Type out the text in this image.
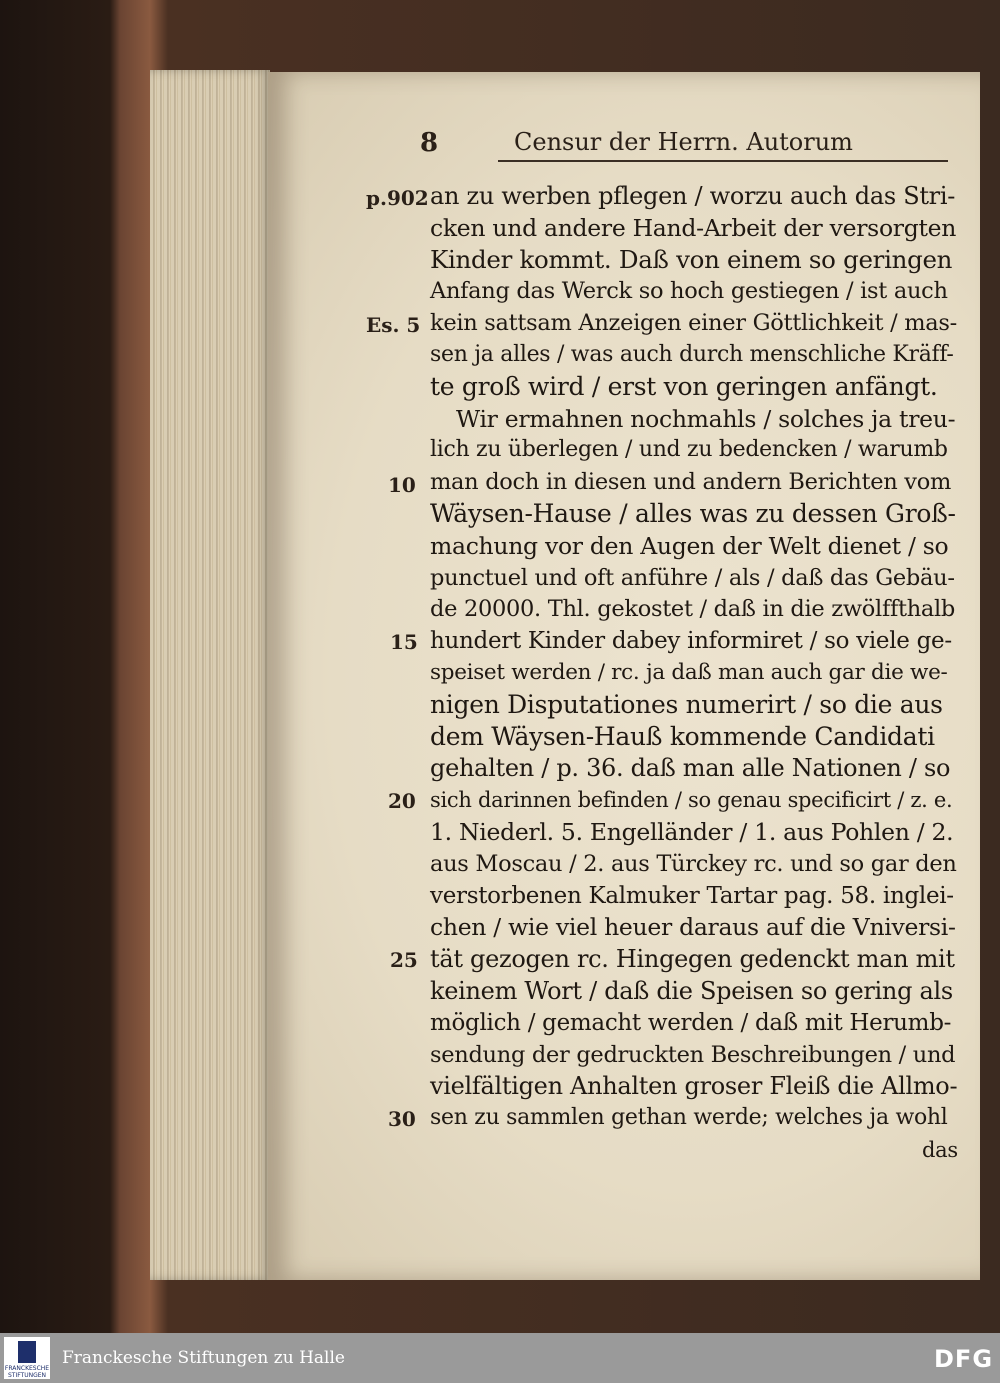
8	Censur der Herrn. Autorum
p.902
Es. 5
10
15
20
25
30
an zu werben pflegen / worzu auch das Stri-
cken und andere Hand-Arbeit der versorgten
Kinder kommt. Daß von einem so geringen
Anfang das Werck so hoch gestiegen / ist auch
kein sattsam Anzeigen einer Göttlichkeit / mas-
sen ja alles / was auch durch menschliche Kräff-
te groß wird / erst von geringen anfängt.
Wir ermahnen nochmahls / solches ja treu-
lich zu überlegen / und zu bedencken / warumb
man doch in diesen und andern Berichten vom
Wäysen-Hause / alles was zu dessen Groß-
machung vor den Augen der Welt dienet / so
punctuel und oft anführe / als / daß das Gebäu-
de 20000. Thl. gekostet / daß in die zwölffthalb
hundert Kinder dabey informiret / so viele ge-
speiset werden / rc. ja daß man auch gar die we-
nigen Disputationes numerirt / so die aus
dem Wäysen-Hauß kommende Candidati
gehalten / p. 36. daß man alle Nationen / so
sich darinnen befinden / so genau specificirt / z. e.
1. Niederl. 5. Engelländer / 1. aus Pohlen / 2.
aus Moscau / 2. aus Türckey rc. und so gar den
verstorbenen Kalmuker Tartar pag. 58. inglei-
chen / wie viel heuer daraus auf die Vniversi-
tät gezogen rc. Hingegen gedenckt man mit
keinem Wort / daß die Speisen so gering als
möglich / gemacht werden / daß mit Herumb-
sendung der gedruckten Beschreibungen / und
vielfältigen Anhalten groser Fleiß die Allmo-
sen zu sammlen gethan werde; welches ja wohl
das
FRANCKESCHE STIFTUNGEN
Franckesche Stiftungen zu Halle	DFG
